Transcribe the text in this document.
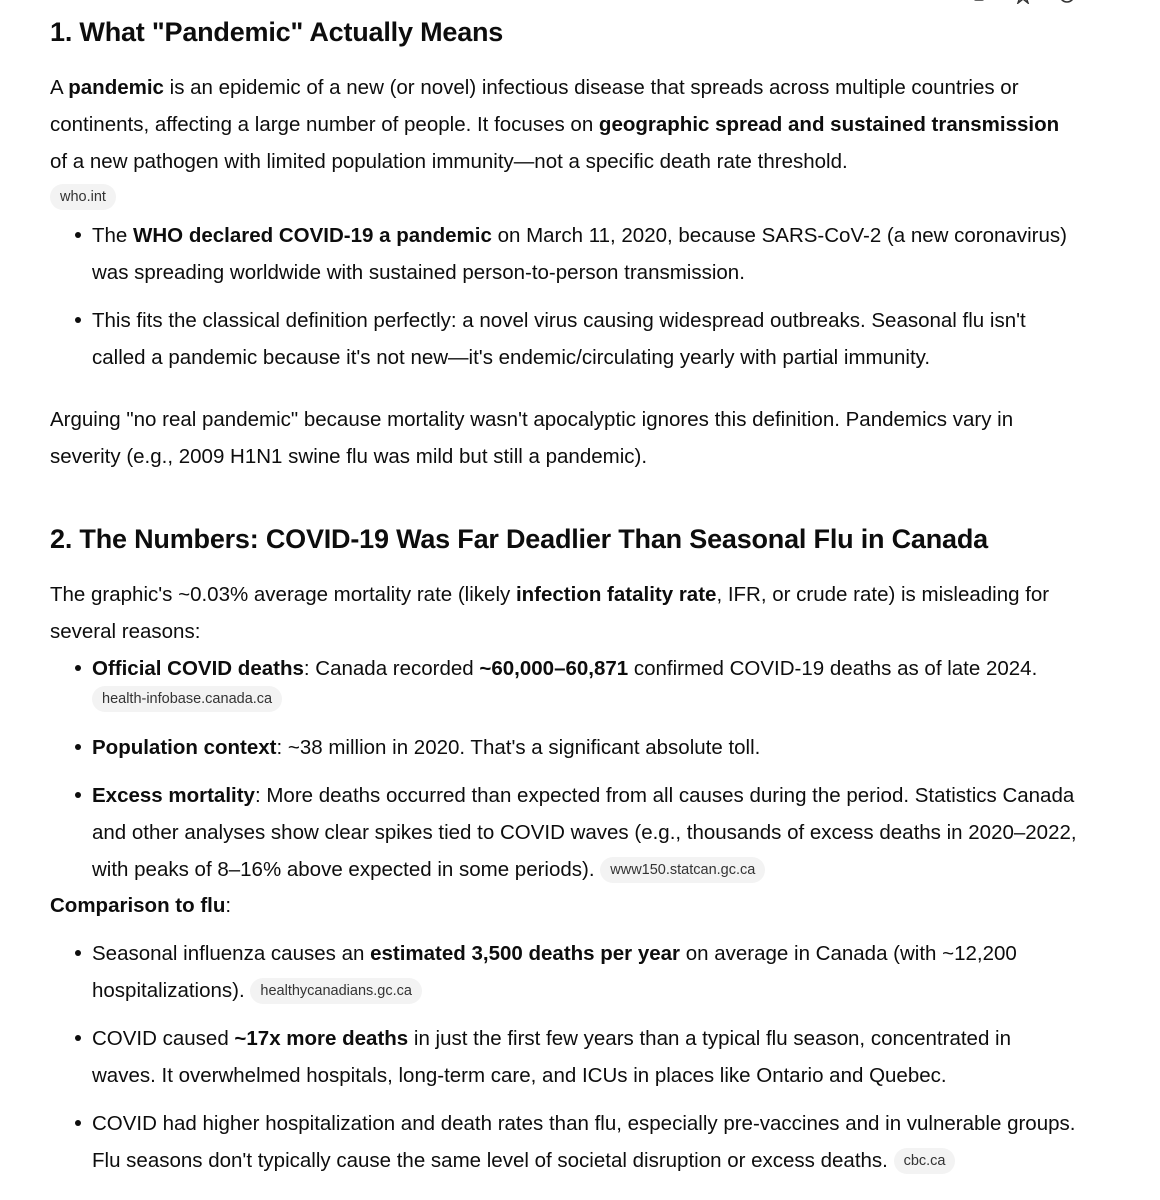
1. What "Pandemic" Actually Means

A pandemic is an epidemic of a new (or novel) infectious disease that spreads across multiple countries or continents, affecting a large number of people. It focuses on geographic spread and sustained transmission of a new pathogen with limited population immunity—not a specific death rate threshold.

who.int
The WHO declared COVID-19 a pandemic on March 11, 2020, because SARS-CoV-2 (a new coronavirus) was spreading worldwide with sustained person-to-person transmission.
This fits the classical definition perfectly: a novel virus causing widespread outbreaks. Seasonal flu isn't called a pandemic because it's not new—it's endemic/circulating yearly with partial immunity.

Arguing "no real pandemic" because mortality wasn't apocalyptic ignores this definition. Pandemics vary in severity (e.g., 2009 H1N1 swine flu was mild but still a pandemic).

2. The Numbers: COVID-19 Was Far Deadlier Than Seasonal Flu in Canada

The graphic's ~0.03% average mortality rate (likely infection fatality rate, IFR, or crude rate) is misleading for several reasons:

Official COVID deaths: Canada recorded ~60,000–60,871 confirmed COVID-19 deaths as of late 2024.
health-infobase.canada.ca
Population context: ~38 million in 2020. That's a significant absolute toll.
Excess mortality: More deaths occurred than expected from all causes during the period. Statistics Canada and other analyses show clear spikes tied to COVID waves (e.g., thousands of excess deaths in 2020–2022, with peaks of 8–16% above expected in some periods). www150.statcan.gc.ca

Comparison to flu:

Seasonal influenza causes an estimated 3,500 deaths per year on average in Canada (with ~12,200 hospitalizations). healthycanadians.gc.ca
COVID caused ~17x more deaths in just the first few years than a typical flu season, concentrated in waves. It overwhelmed hospitals, long-term care, and ICUs in places like Ontario and Quebec.
COVID had higher hospitalization and death rates than flu, especially pre-vaccines and in vulnerable groups. Flu seasons don't typically cause the same level of societal disruption or excess deaths. cbc.ca
